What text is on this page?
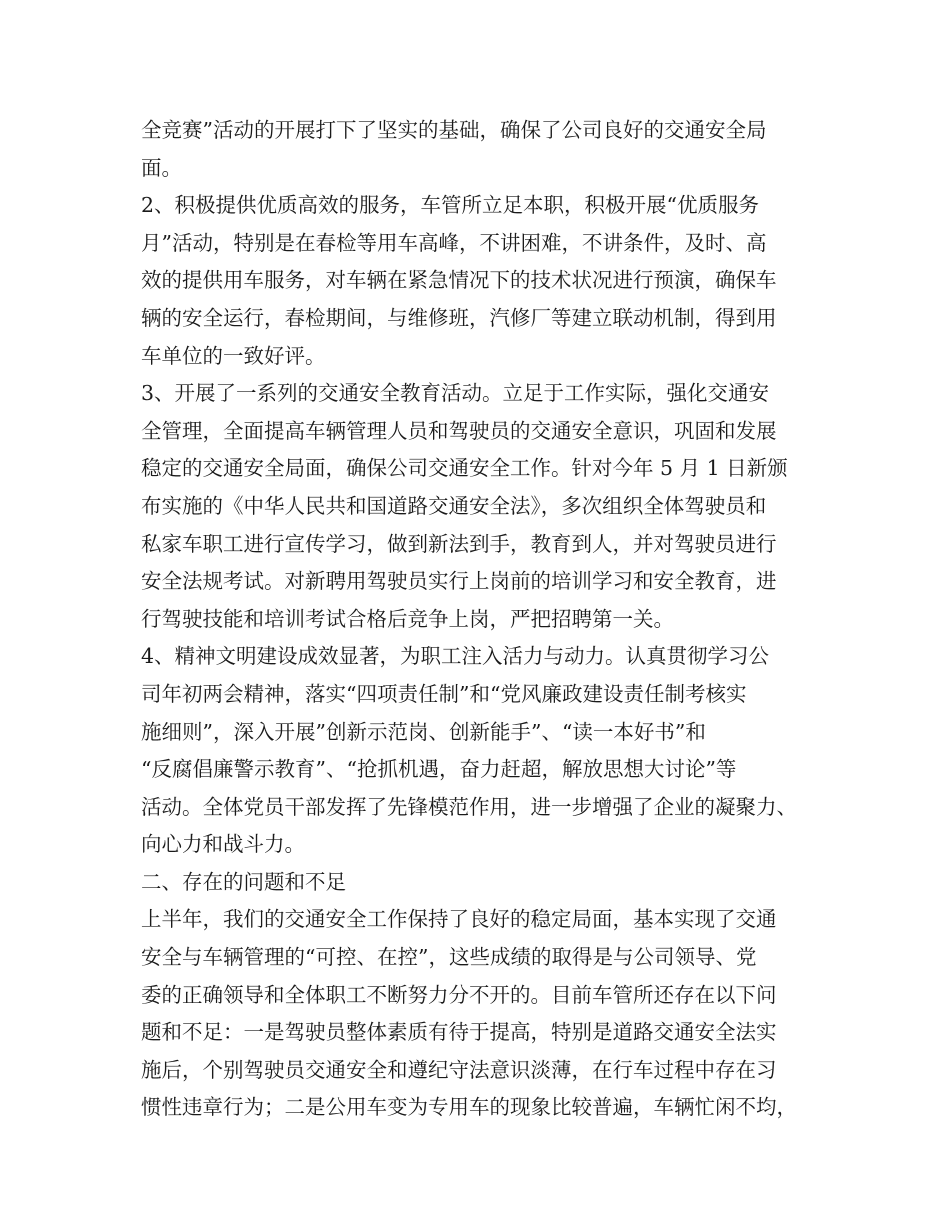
全竞赛”活动的开展打下了坚实的基础，确保了公司良好的交通安全局
面。
2、积极提供优质高效的服务，车管所立足本职，积极开展“优质服务
月”活动，特别是在春检等用车高峰，不讲困难，不讲条件，及时、高
效的提供用车服务，对车辆在紧急情况下的技术状况进行预演，确保车
辆的安全运行，春检期间，与维修班，汽修厂等建立联动机制，得到用
车单位的一致好评。
3、开展了一系列的交通安全教育活动。立足于工作实际，强化交通安
全管理，全面提高车辆管理人员和驾驶员的交通安全意识，巩固和发展
稳定的交通安全局面，确保公司交通安全工作。针对今年 5 月 1 日新颁
布实施的《中华人民共和国道路交通安全法》，多次组织全体驾驶员和
私家车职工进行宣传学习，做到新法到手，教育到人，并对驾驶员进行
安全法规考试。对新聘用驾驶员实行上岗前的培训学习和安全教育，进
行驾驶技能和培训考试合格后竞争上岗，严把招聘第一关。
4、精神文明建设成效显著，为职工注入活力与动力。认真贯彻学习公
司年初两会精神，落实“四项责任制”和“党风廉政建设责任制考核实
施细则”，深入开展”创新示范岗、创新能手”、“读一本好书”和
“反腐倡廉警示教育”、“抢抓机遇，奋力赶超，解放思想大讨论”等
活动。全体党员干部发挥了先锋模范作用，进一步增强了企业的凝聚力、
向心力和战斗力。
二、存在的问题和不足
上半年，我们的交通安全工作保持了良好的稳定局面，基本实现了交通
安全与车辆管理的“可控、在控”，这些成绩的取得是与公司领导、党
委的正确领导和全体职工不断努力分不开的。目前车管所还存在以下问
题和不足：一是驾驶员整体素质有待于提高，特别是道路交通安全法实
施后，个别驾驶员交通安全和遵纪守法意识淡薄，在行车过程中存在习
惯性违章行为；二是公用车变为专用车的现象比较普遍，车辆忙闲不均，
